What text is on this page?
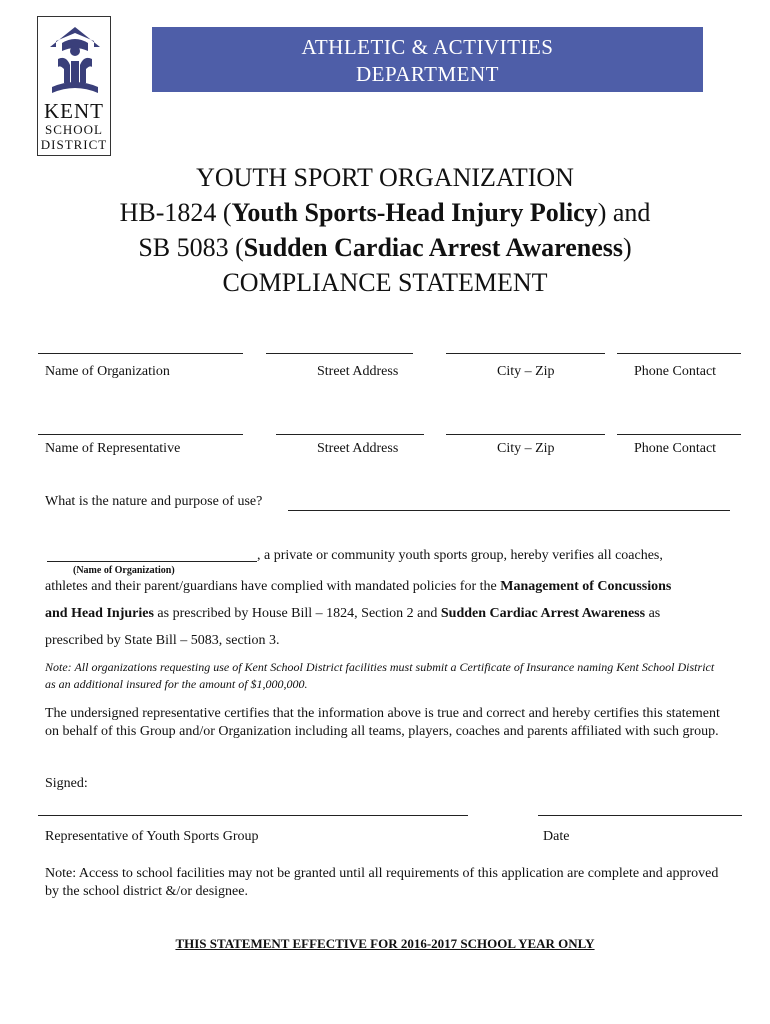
KENT
SCHOOL
DISTRICT
ATHLETIC & ACTIVITIES
DEPARTMENT
YOUTH SPORT ORGANIZATION
HB-1824 (Youth Sports-Head Injury Policy) and
SB 5083 (Sudden Cardiac Arrest Awareness)
COMPLIANCE STATEMENT
Name of Organization	Street Address	City – Zip	Phone Contact
Name of Representative	Street Address	City – Zip	Phone Contact
What is the nature and purpose of use?
, a private or community youth sports group, hereby verifies all coaches,
(Name of Organization)
athletes and their parent/guardians have complied with mandated policies for the Management of Concussions
and Head Injuries as prescribed by House Bill – 1824, Section 2 and Sudden Cardiac Arrest Awareness as
prescribed by State Bill – 5083, section 3.
Note: All organizations requesting use of Kent School District facilities must submit a Certificate of Insurance naming Kent School District as an additional insured for the amount of $1,000,000.
The undersigned representative certifies that the information above is true and correct and hereby certifies this statement on behalf of this Group and/or Organization including all teams, players, coaches and parents affiliated with such group.
Signed:
Representative of Youth Sports Group	Date
Note: Access to school facilities may not be granted until all requirements of this application are complete and approved by the school district &/or designee.
THIS STATEMENT EFFECTIVE FOR 2016-2017 SCHOOL YEAR ONLY
